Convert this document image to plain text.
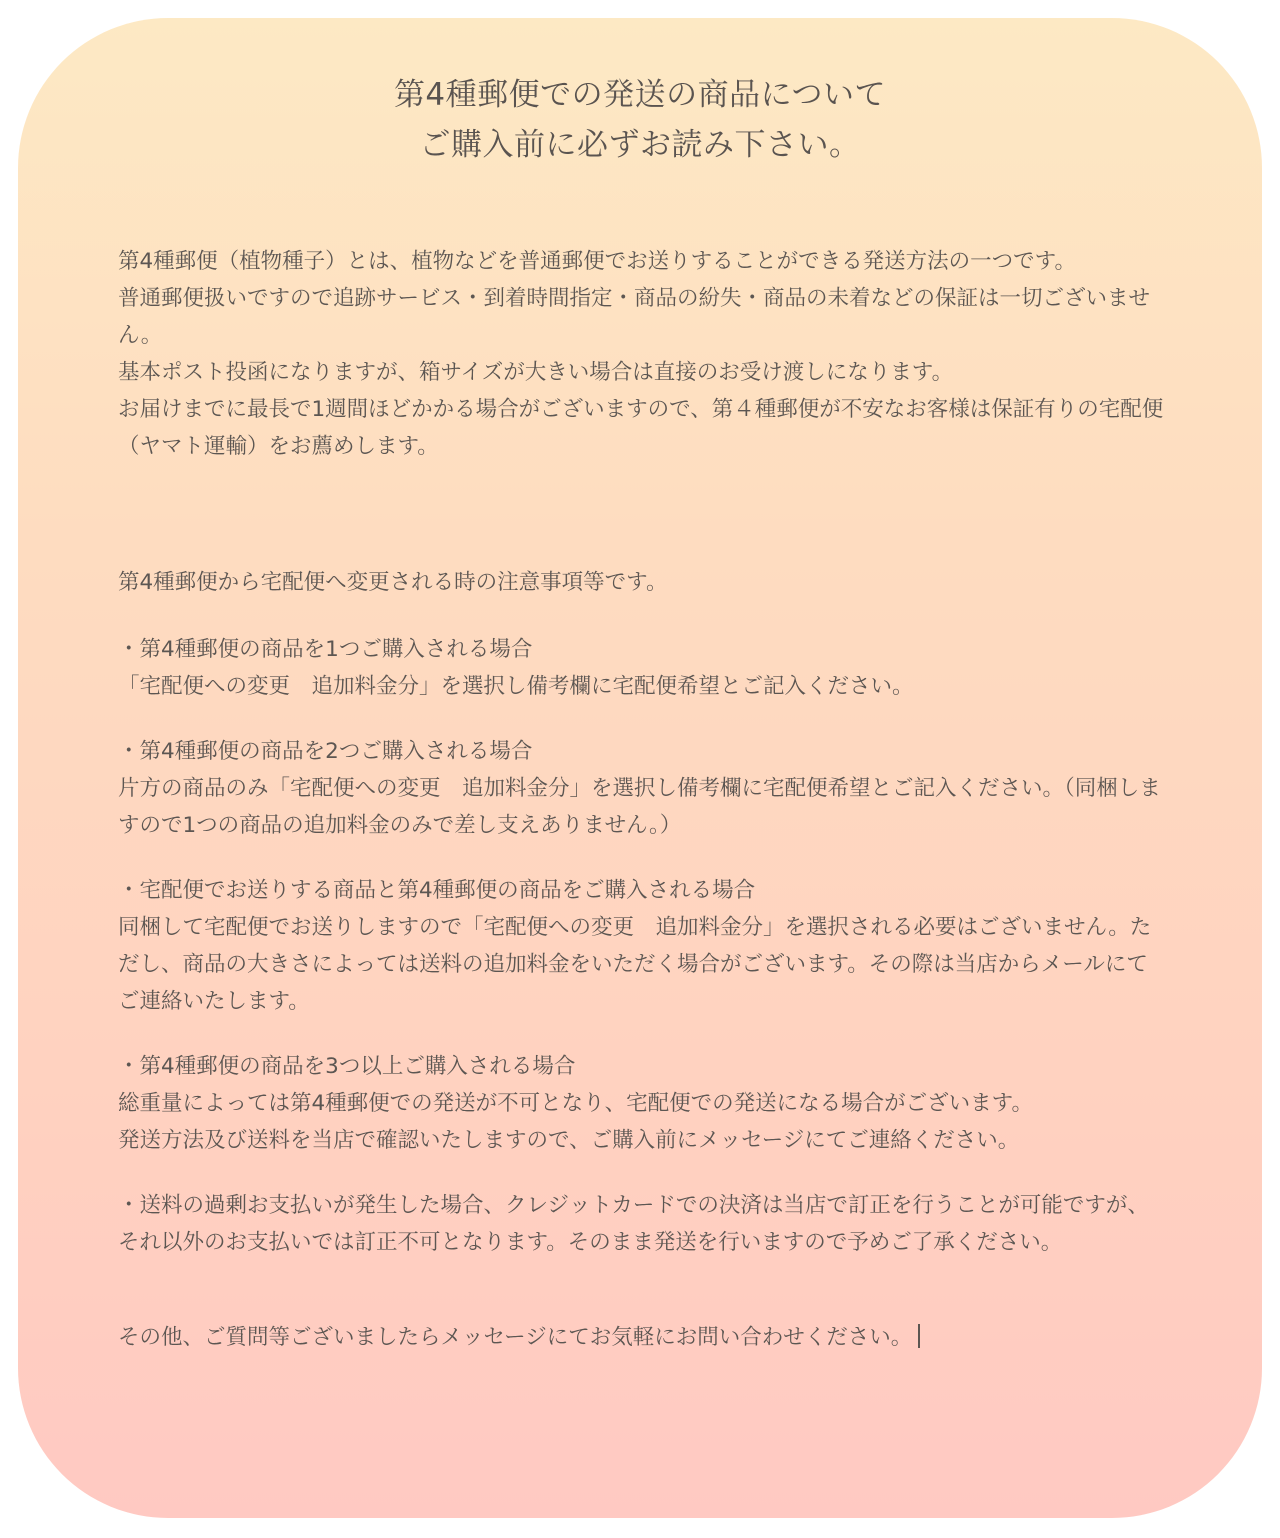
第4種郵便での発送の商品について
ご購入前に必ずお読み下さい。

第4種郵便（植物種子）とは、植物などを普通郵便でお送りすることができる発送方法の一つです。

普通郵便扱いですので追跡サービス・到着時間指定・商品の紛失・商品の未着などの保証は一切ございません。

基本ポスト投函になりますが、箱サイズが大きい場合は直接のお受け渡しになります。

お届けまでに最長で1週間ほどかかる場合がございますので、第４種郵便が不安なお客様は保証有りの宅配便（ヤマト運輸）をお薦めします。

第4種郵便から宅配便へ変更される時の注意事項等です。

・第4種郵便の商品を1つご購入される場合

「宅配便への変更　追加料金分」を選択し備考欄に宅配便希望とご記入ください。

・第4種郵便の商品を2つご購入される場合

片方の商品のみ「宅配便への変更　追加料金分」を選択し備考欄に宅配便希望とご記入ください。（同梱しますので1つの商品の追加料金のみで差し支えありません。）

・宅配便でお送りする商品と第4種郵便の商品をご購入される場合

同梱して宅配便でお送りしますので「宅配便への変更　追加料金分」を選択される必要はございません。ただし、商品の大きさによっては送料の追加料金をいただく場合がございます。その際は当店からメールにてご連絡いたします。

・第4種郵便の商品を3つ以上ご購入される場合

総重量によっては第4種郵便での発送が不可となり、宅配便での発送になる場合がございます。

発送方法及び送料を当店で確認いたしますので、ご購入前にメッセージにてご連絡ください。

・送料の過剰お支払いが発生した場合、クレジットカードでの決済は当店で訂正を行うことが可能ですが、それ以外のお支払いでは訂正不可となります。そのまま発送を行いますので予めご了承ください。

その他、ご質問等ございましたらメッセージにてお気軽にお問い合わせください。
